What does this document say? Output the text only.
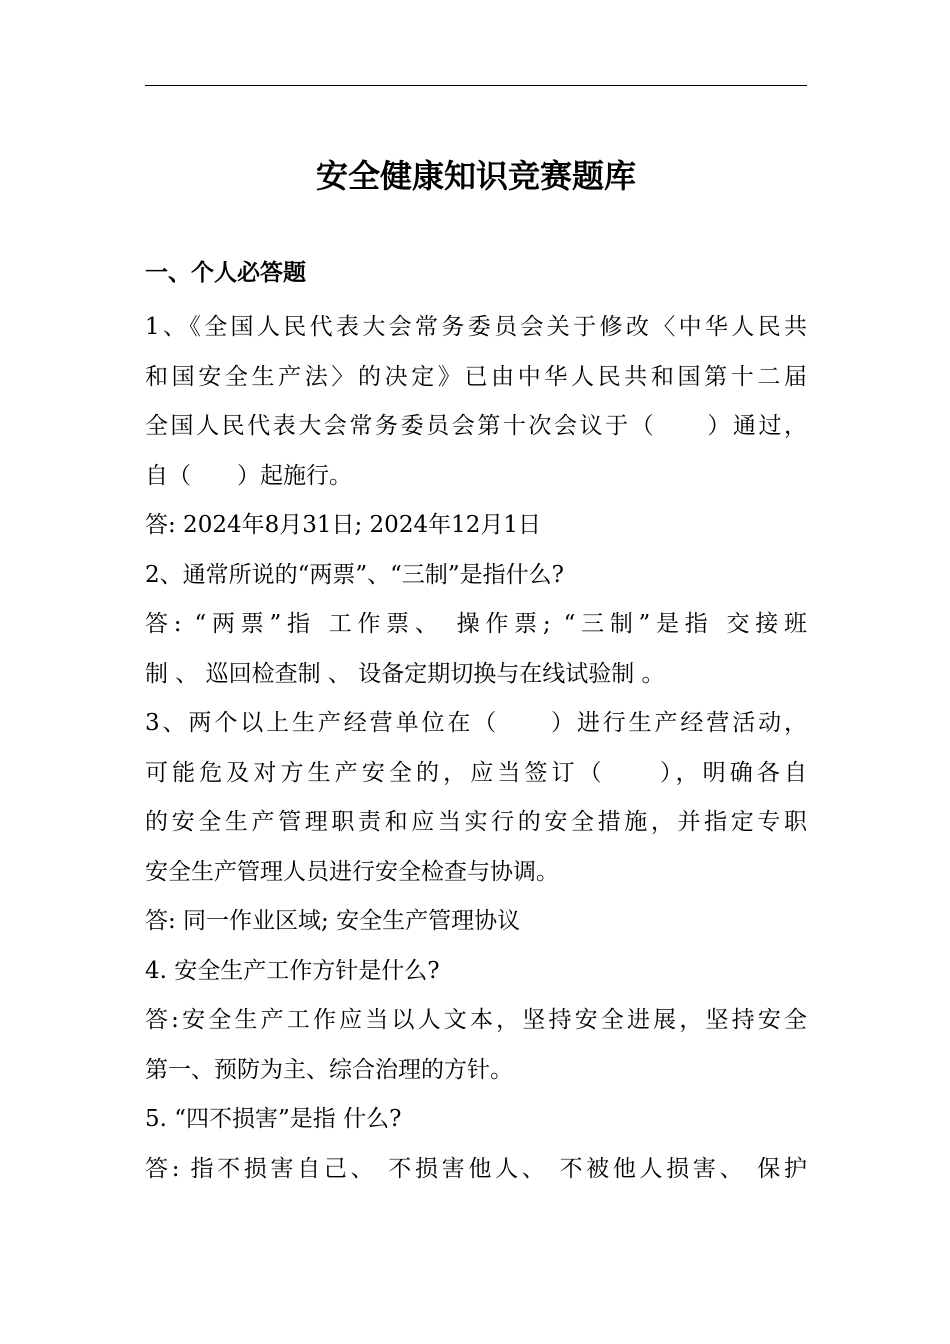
安全健康知识竞赛题库
一、个人必答题
1、《全国人民代表大会常务委员会关于修改〈中华人民共
和国安全生产法〉的决定》已由中华人民共和国第十二届
全国人民代表大会常务委员会第十次会议于（　　）通过，
自（　　）起施行。
答: 2024年8月31日; 2024年12月1日
2、通常所说的“两票”、“三制”是指什么?
答: “两票”指 工作票、 操作票; “三制”是指 交接班
制 、 巡回检查制 、 设备定期切换与在线试验制 。
3、两个以上生产经营单位在（　　）进行生产经营活动，
可能危及对方生产安全的，应当签订（　　），明确各自
的安全生产管理职责和应当实行的安全措施，并指定专职
安全生产管理人员进行安全检查与协调。
答: 同一作业区域; 安全生产管理协议
4. 安全生产工作方针是什么?
答:安全生产工作应当以人文本，坚持安全进展，坚持安全
第一、预防为主、综合治理的方针。
5. “四不损害”是指 什么?
答: 指不损害自己、 不损害他人、 不被他人损害、 保护
